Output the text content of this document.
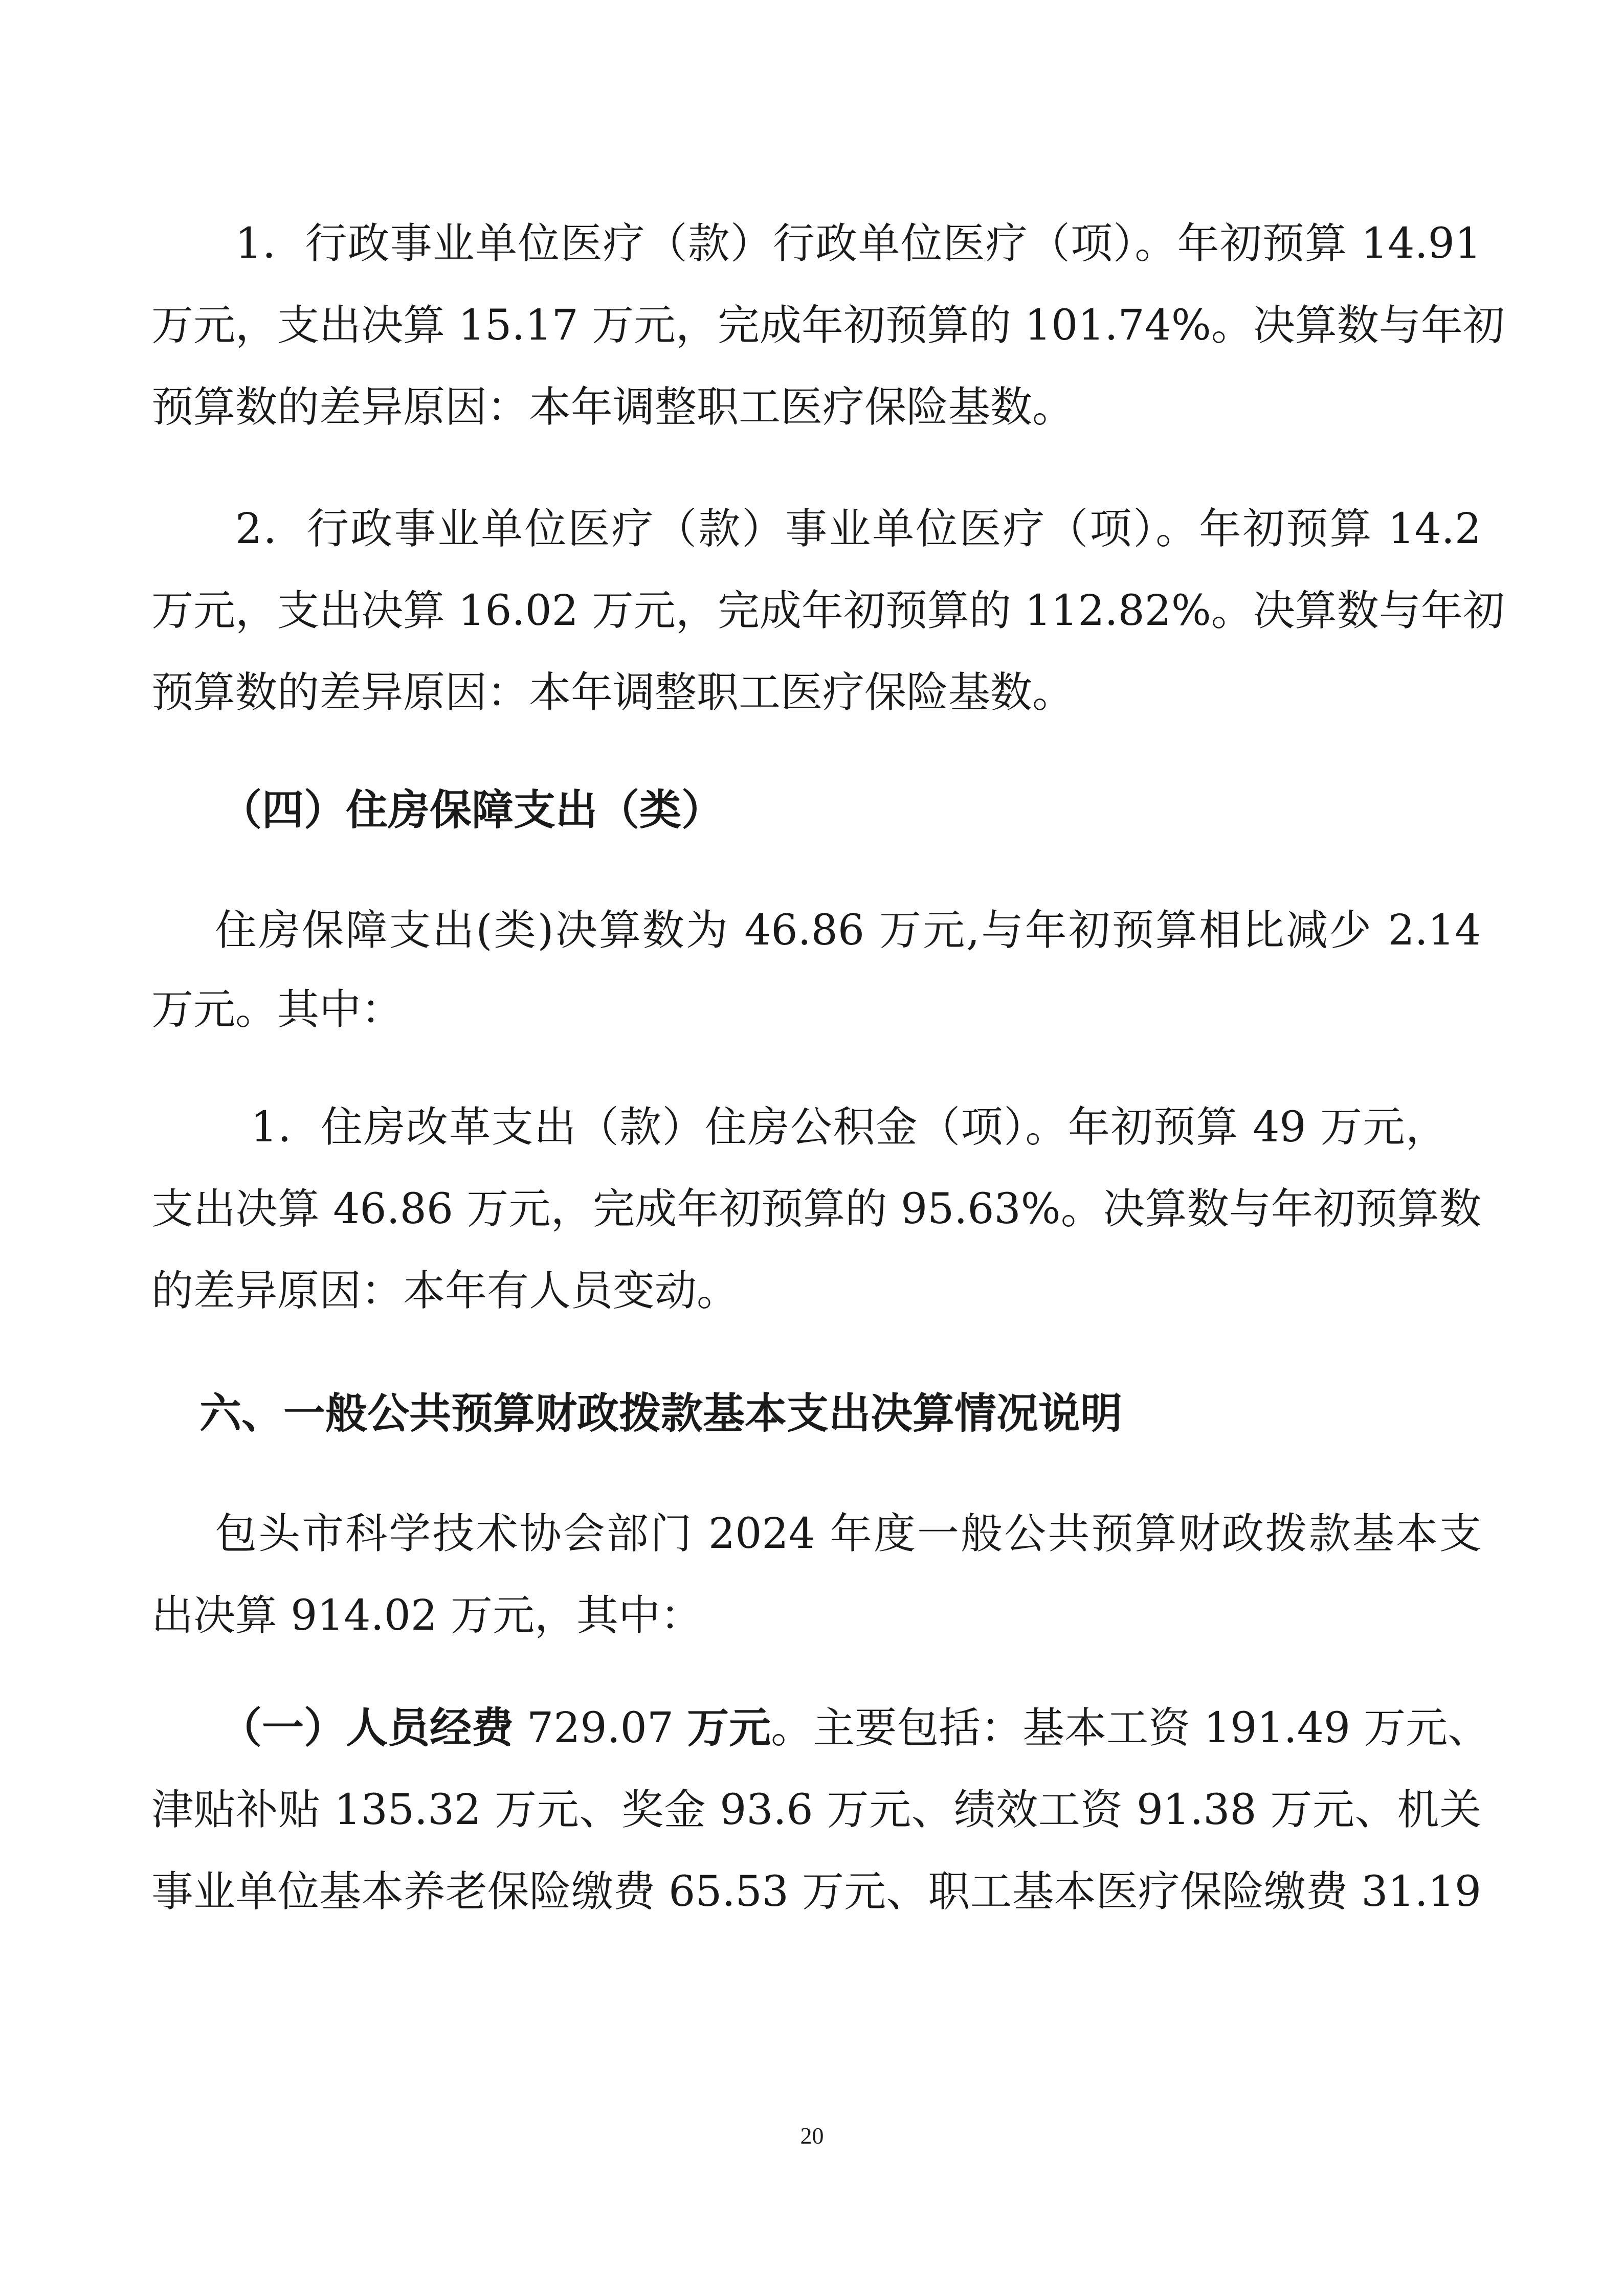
1．行政事业单位医疗（款）行政单位医疗（项）。年初预算 14.91
万元，支出决算 15.17 万元，完成年初预算的 101.74%。决算数与年初
预算数的差异原因：本年调整职工医疗保险基数。
2．行政事业单位医疗（款）事业单位医疗（项）。年初预算 14.2
万元，支出决算 16.02 万元，完成年初预算的 112.82%。决算数与年初
预算数的差异原因：本年调整职工医疗保险基数。
（四）住房保障支出（类）
住房保障支出(类)决算数为 46.86 万元,与年初预算相比减少 2.14
万元。其中：
1．住房改革支出（款）住房公积金（项）。年初预算 49 万元，
支出决算 46.86 万元，完成年初预算的 95.63%。决算数与年初预算数
的差异原因：本年有人员变动。
六、一般公共预算财政拨款基本支出决算情况说明
包头市科学技术协会部门 2024 年度一般公共预算财政拨款基本支
出决算 914.02 万元，其中：
（一）人员经费 729.07 万元。主要包括：基本工资 191.49 万元、
津贴补贴 135.32 万元、奖金 93.6 万元、绩效工资 91.38 万元、机关
事业单位基本养老保险缴费 65.53 万元、职工基本医疗保险缴费 31.19
20
